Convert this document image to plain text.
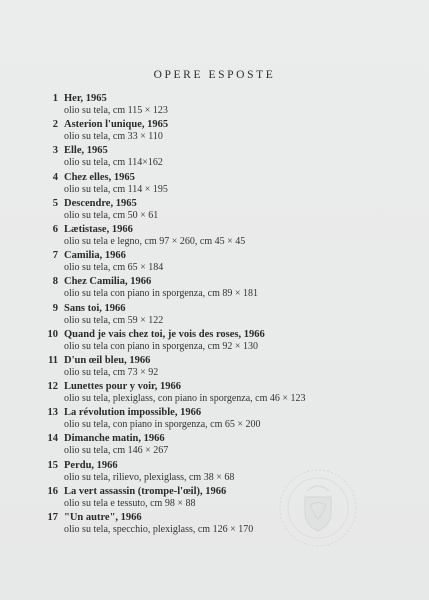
OPERE ESPOSTE
1 Her, 1965
olio su tela, cm 115 × 123
2 Asterion l'unique, 1965
olio su tela, cm 33 × 110
3 Elle, 1965
olio su tela, cm 114×162
4 Chez elles, 1965
olio su tela, cm 114 × 195
5 Descendre, 1965
olio su tela, cm 50 × 61
6 Lætistase, 1966
olio su tela e legno, cm 97 × 260, cm 45 × 45
7 Camilia, 1966
olio su tela, cm 65 × 184
8 Chez Camilia, 1966
olio su tela con piano in sporgenza, cm 89 × 181
9 Sans toi, 1966
olio su tela, cm 59 × 122
10 Quand je vais chez toi, je vois des roses, 1966
olio su tela con piano in sporgenza, cm 92 × 130
11 D'un œil bleu, 1966
olio su tela, cm 73 × 92
12 Lunettes pour y voir, 1966
olio su tela, plexiglass, con piano in sporgenza, cm 46 × 123
13 La révolution impossible, 1966
olio su tela, con piano in sporgenza, cm 65 × 200
14 Dimanche matin, 1966
olio su tela, cm 146 × 267
15 Perdu, 1966
olio su tela, rilievo, plexiglass, cm 38 × 68
16 La vert assassin (trompe-l'œil), 1966
olio su tela e tessuto, cm 98 × 88
17 "Un autre", 1966
olio su tela, specchio, plexiglass, cm 126 × 170
